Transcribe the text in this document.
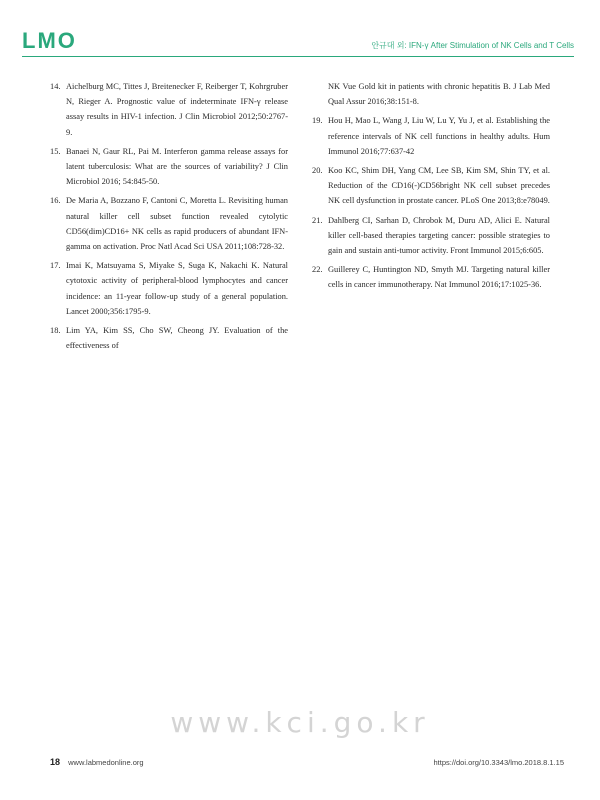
LMO	안규대 외: IFN-γ After Stimulation of NK Cells and T Cells
14. Aichelburg MC, Tittes J, Breitenecker F, Reiberger T, Kohrgruber N, Rieger A. Prognostic value of indeterminate IFN-γ release assay results in HIV-1 infection. J Clin Microbiol 2012;50:2767-9.
15. Banaei N, Gaur RL, Pai M. Interferon gamma release assays for latent tuberculosis: What are the sources of variability? J Clin Microbiol 2016; 54:845-50.
16. De Maria A, Bozzano F, Cantoni C, Moretta L. Revisiting human natural killer cell subset function revealed cytolytic CD56(dim)CD16+ NK cells as rapid producers of abundant IFN-gamma on activation. Proc Natl Acad Sci USA 2011;108:728-32.
17. Imai K, Matsuyama S, Miyake S, Suga K, Nakachi K. Natural cytotoxic activity of peripheral-blood lymphocytes and cancer incidence: an 11-year follow-up study of a general population. Lancet 2000;356:1795-9.
18. Lim YA, Kim SS, Cho SW, Cheong JY. Evaluation of the effectiveness of
NK Vue Gold kit in patients with chronic hepatitis B. J Lab Med Qual Assur 2016;38:151-8.
19. Hou H, Mao L, Wang J, Liu W, Lu Y, Yu J, et al. Establishing the reference intervals of NK cell functions in healthy adults. Hum Immunol 2016;77:637-42
20. Koo KC, Shim DH, Yang CM, Lee SB, Kim SM, Shin TY, et al. Reduction of the CD16(-)CD56bright NK cell subset precedes NK cell dysfunction in prostate cancer. PLoS One 2013;8:e78049.
21. Dahlberg CI, Sarhan D, Chrobok M, Duru AD, Alici E. Natural killer cell-based therapies targeting cancer: possible strategies to gain and sustain anti-tumor activity. Front Immunol 2015;6:605.
22. Guillerey C, Huntington ND, Smyth MJ. Targeting natural killer cells in cancer immunotherapy. Nat Immunol 2016;17:1025-36.
www.kci.go.kr
18 www.labmedonline.org	https://doi.org/10.3343/lmo.2018.8.1.15
